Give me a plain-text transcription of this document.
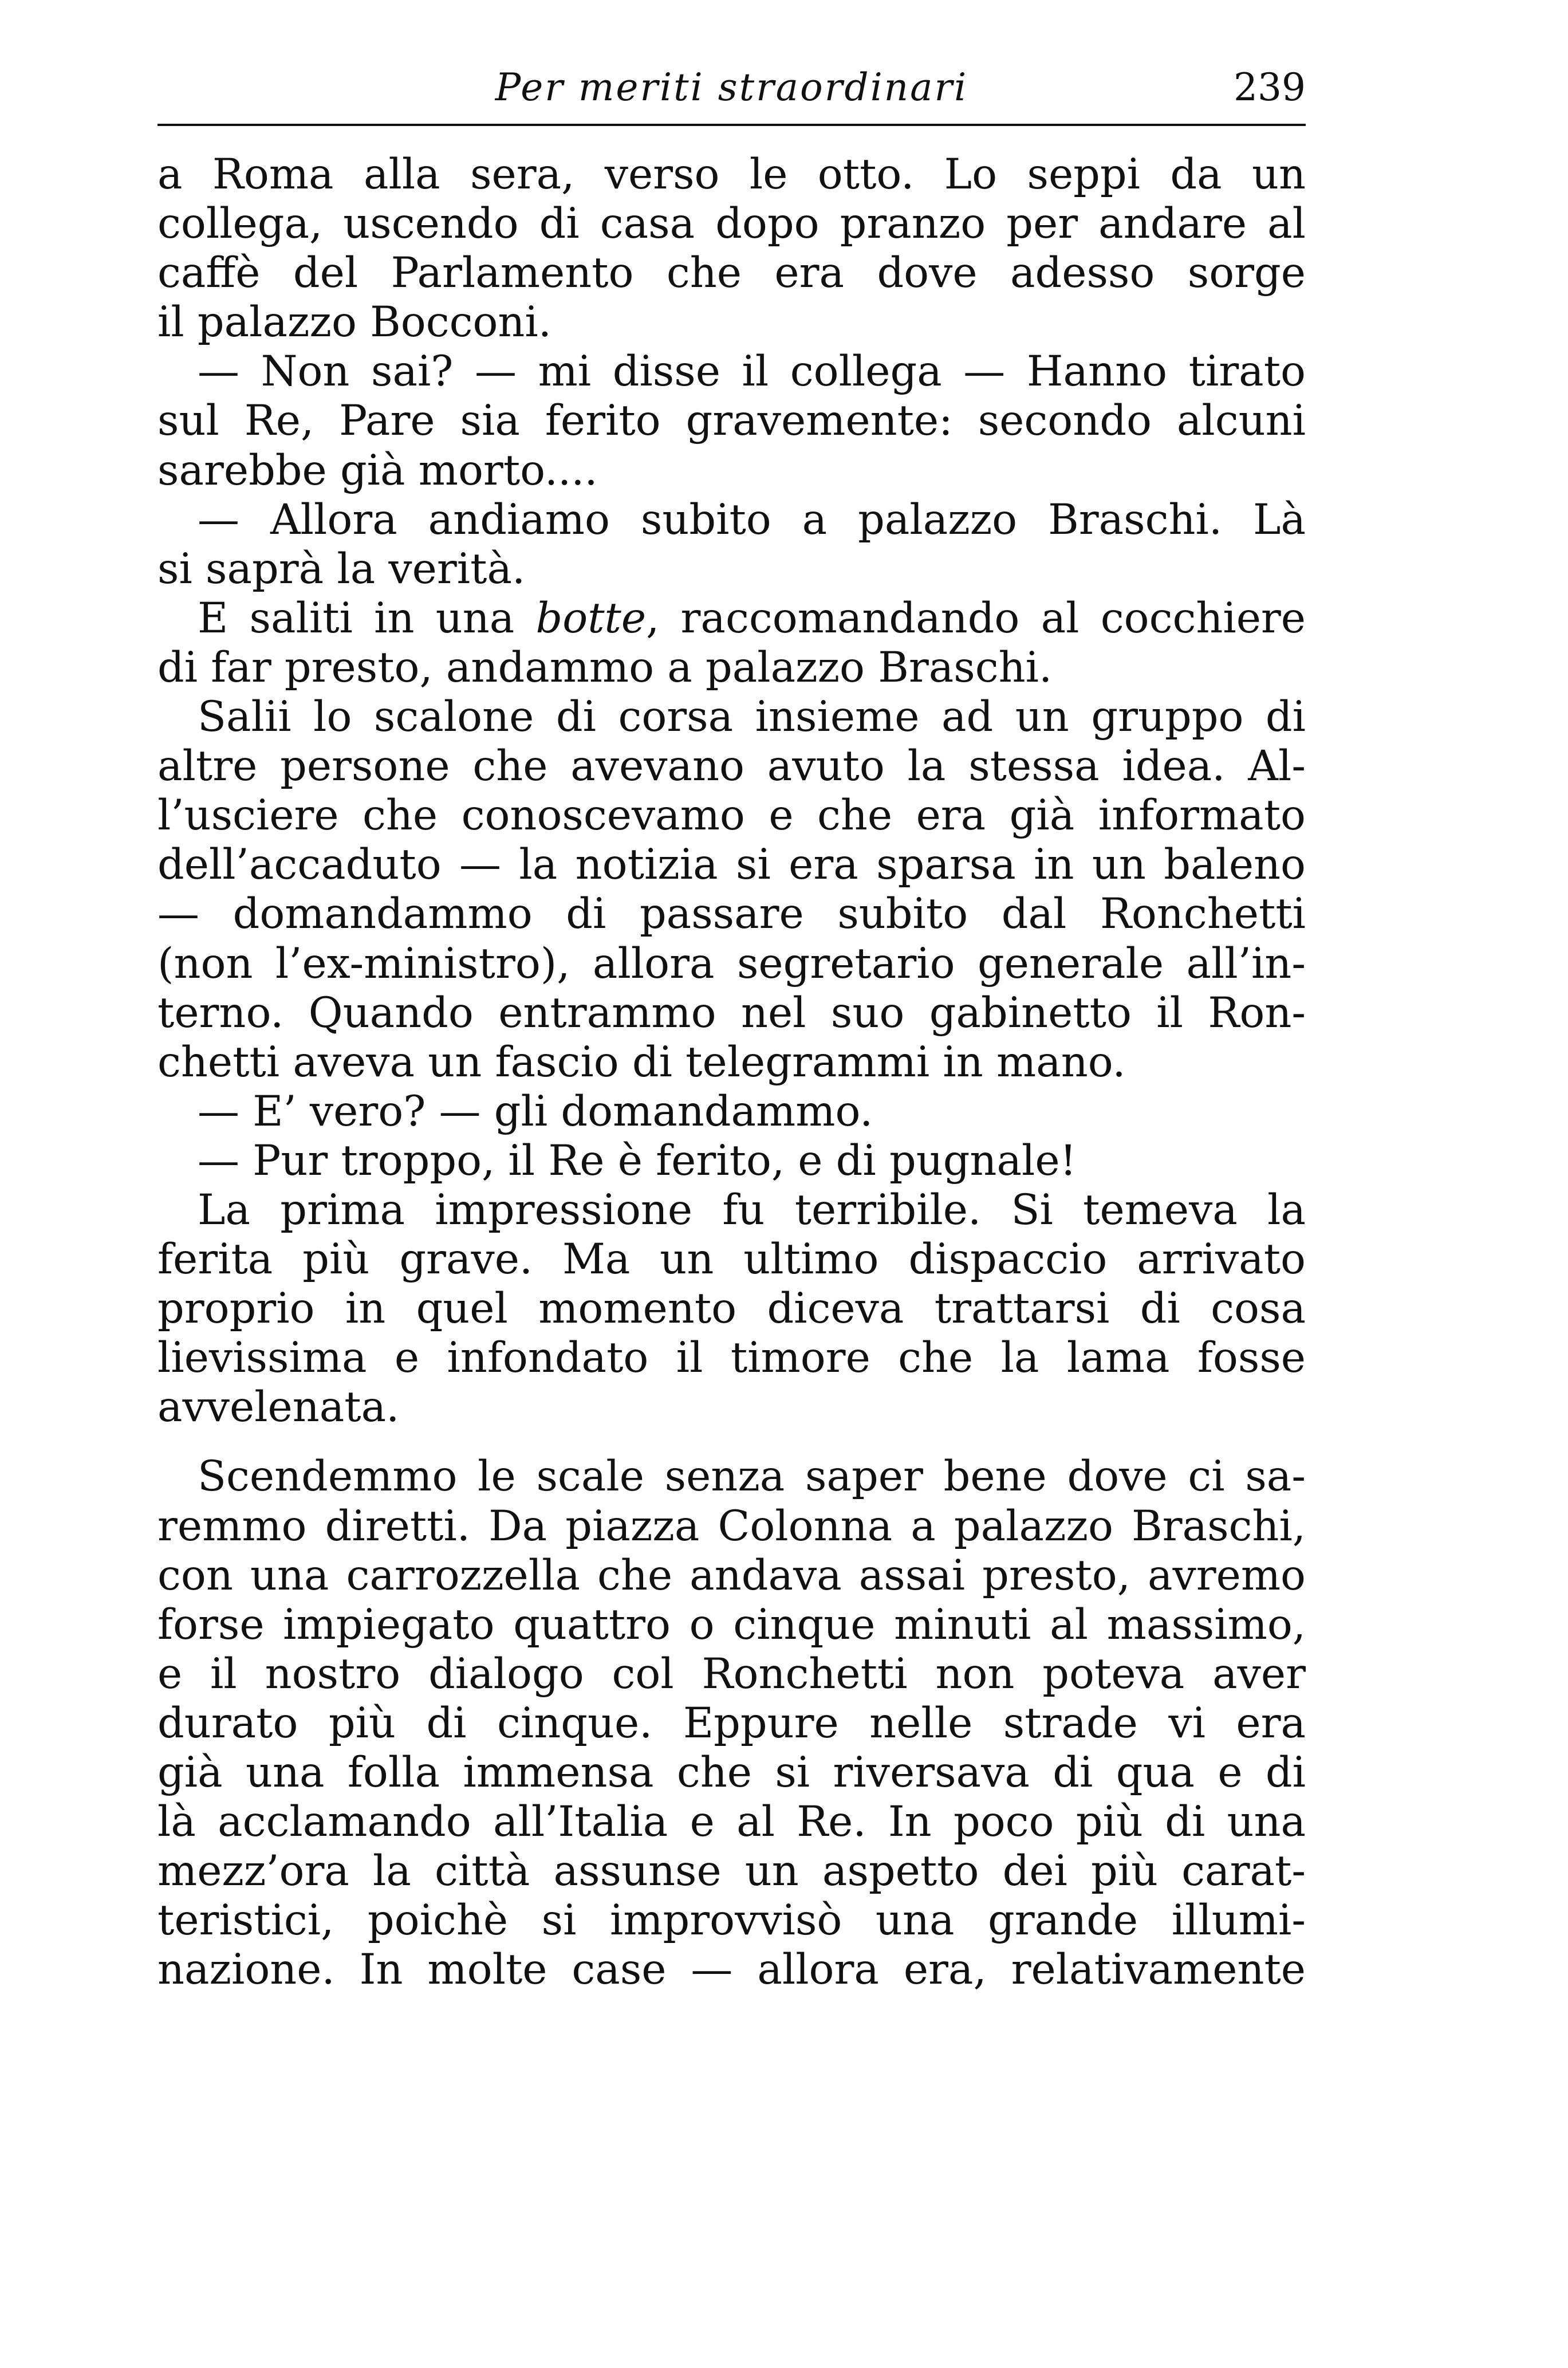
Per meriti straordinari	239
a Roma alla sera, verso le otto. Lo seppi da un
collega, uscendo di casa dopo pranzo per andare al
caffè del Parlamento che era dove adesso sorge
il palazzo Bocconi.
— Non sai? — mi disse il collega — Hanno tirato
sul Re, Pare sia ferito gravemente: secondo alcuni
sarebbe già morto....
— Allora andiamo subito a palazzo Braschi. Là
si saprà la verità.
E saliti in una botte, raccomandando al cocchiere
di far presto, andammo a palazzo Braschi.
Salii lo scalone di corsa insieme ad un gruppo di
altre persone che avevano avuto la stessa idea. Al-
l’usciere che conoscevamo e che era già informato
dell’accaduto — la notizia si era sparsa in un baleno
— domandammo di passare subito dal Ronchetti
(non l’ex-ministro), allora segretario generale all’in-
terno. Quando entrammo nel suo gabinetto il Ron-
chetti aveva un fascio di telegrammi in mano.
— E’ vero? — gli domandammo.
— Pur troppo, il Re è ferito, e di pugnale!
La prima impressione fu terribile. Si temeva la
ferita più grave. Ma un ultimo dispaccio arrivato
proprio in quel momento diceva trattarsi di cosa
lievissima e infondato il timore che la lama fosse
avvelenata.
Scendemmo le scale senza saper bene dove ci sa-
remmo diretti. Da piazza Colonna a palazzo Braschi,
con una carrozzella che andava assai presto, avremo
forse impiegato quattro o cinque minuti al massimo,
e il nostro dialogo col Ronchetti non poteva aver
durato più di cinque. Eppure nelle strade vi era
già una folla immensa che si riversava di qua e di
là acclamando all’Italia e al Re. In poco più di una
mezz’ora la città assunse un aspetto dei più carat-
teristici, poichè si improvvisò una grande illumi-
nazione. In molte case — allora era, relativamente
